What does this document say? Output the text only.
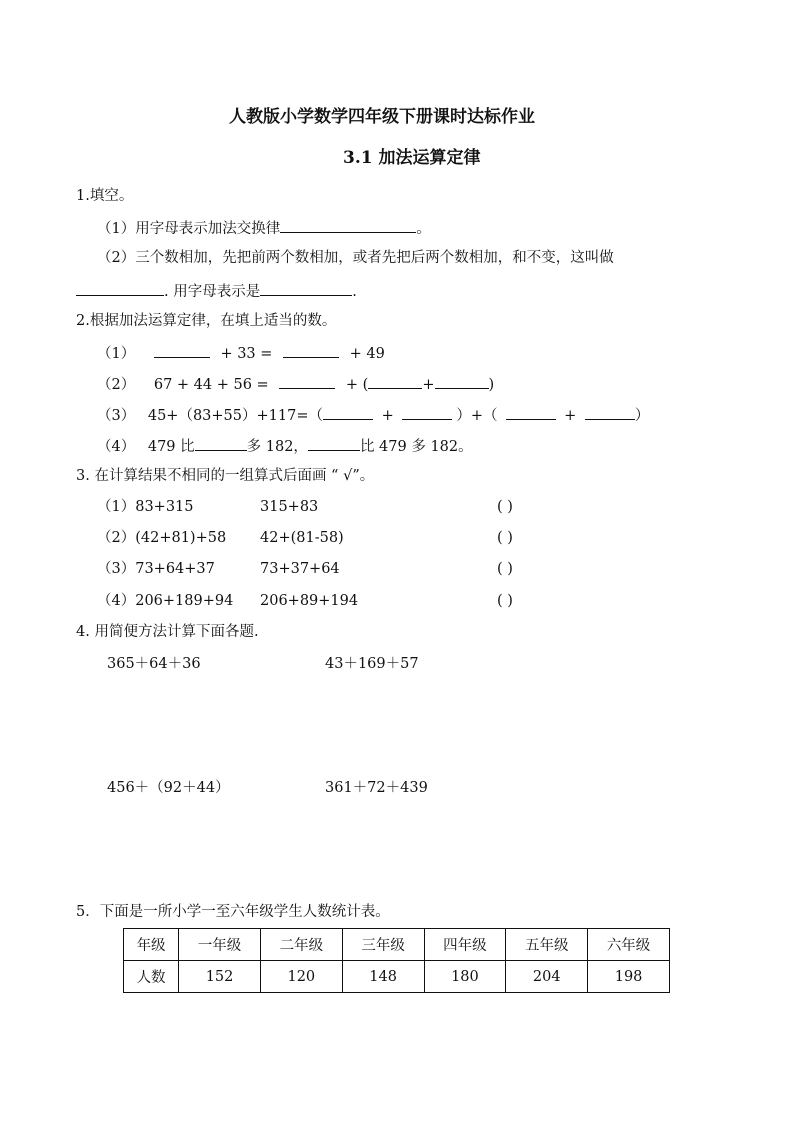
人教版小学数学四年级下册课时达标作业
3.1 加法运算定律
1.填空。
（1）用字母表示加法交换律	。
（2）三个数相加，先把前两个数相加，或者先把后两个数相加，和不变，这叫做
. 用字母表示是	.
2.根据加法运算定律，在填上适当的数。
（1）	+ 33 =	+ 49
（2） 67 + 44 + 56 =	+ (	+	)
（3） 45+（83+55）+117=（	+	）+（	+	）
（4） 479 比	多 182，	比 479 多 182。
3. 在计算结果不相同的一组算式后面画 “ √”。
（1）83+315	315+83	( )
（2）(42+81)+58 42+(81-58)	( )
（3）73+64+37	73+37+64	( )
（4）206+189+94 206+89+194	( )
4. 用简便方法计算下面各题.
365＋64＋36	43＋169＋57
456＋（92＋44）	361＋72＋439
5．下面是一所小学一至六年级学生人数统计表。
年级	一年级	二年级	三年级	四年级	五年级	六年级
人数	152	120	148	180	204	198
